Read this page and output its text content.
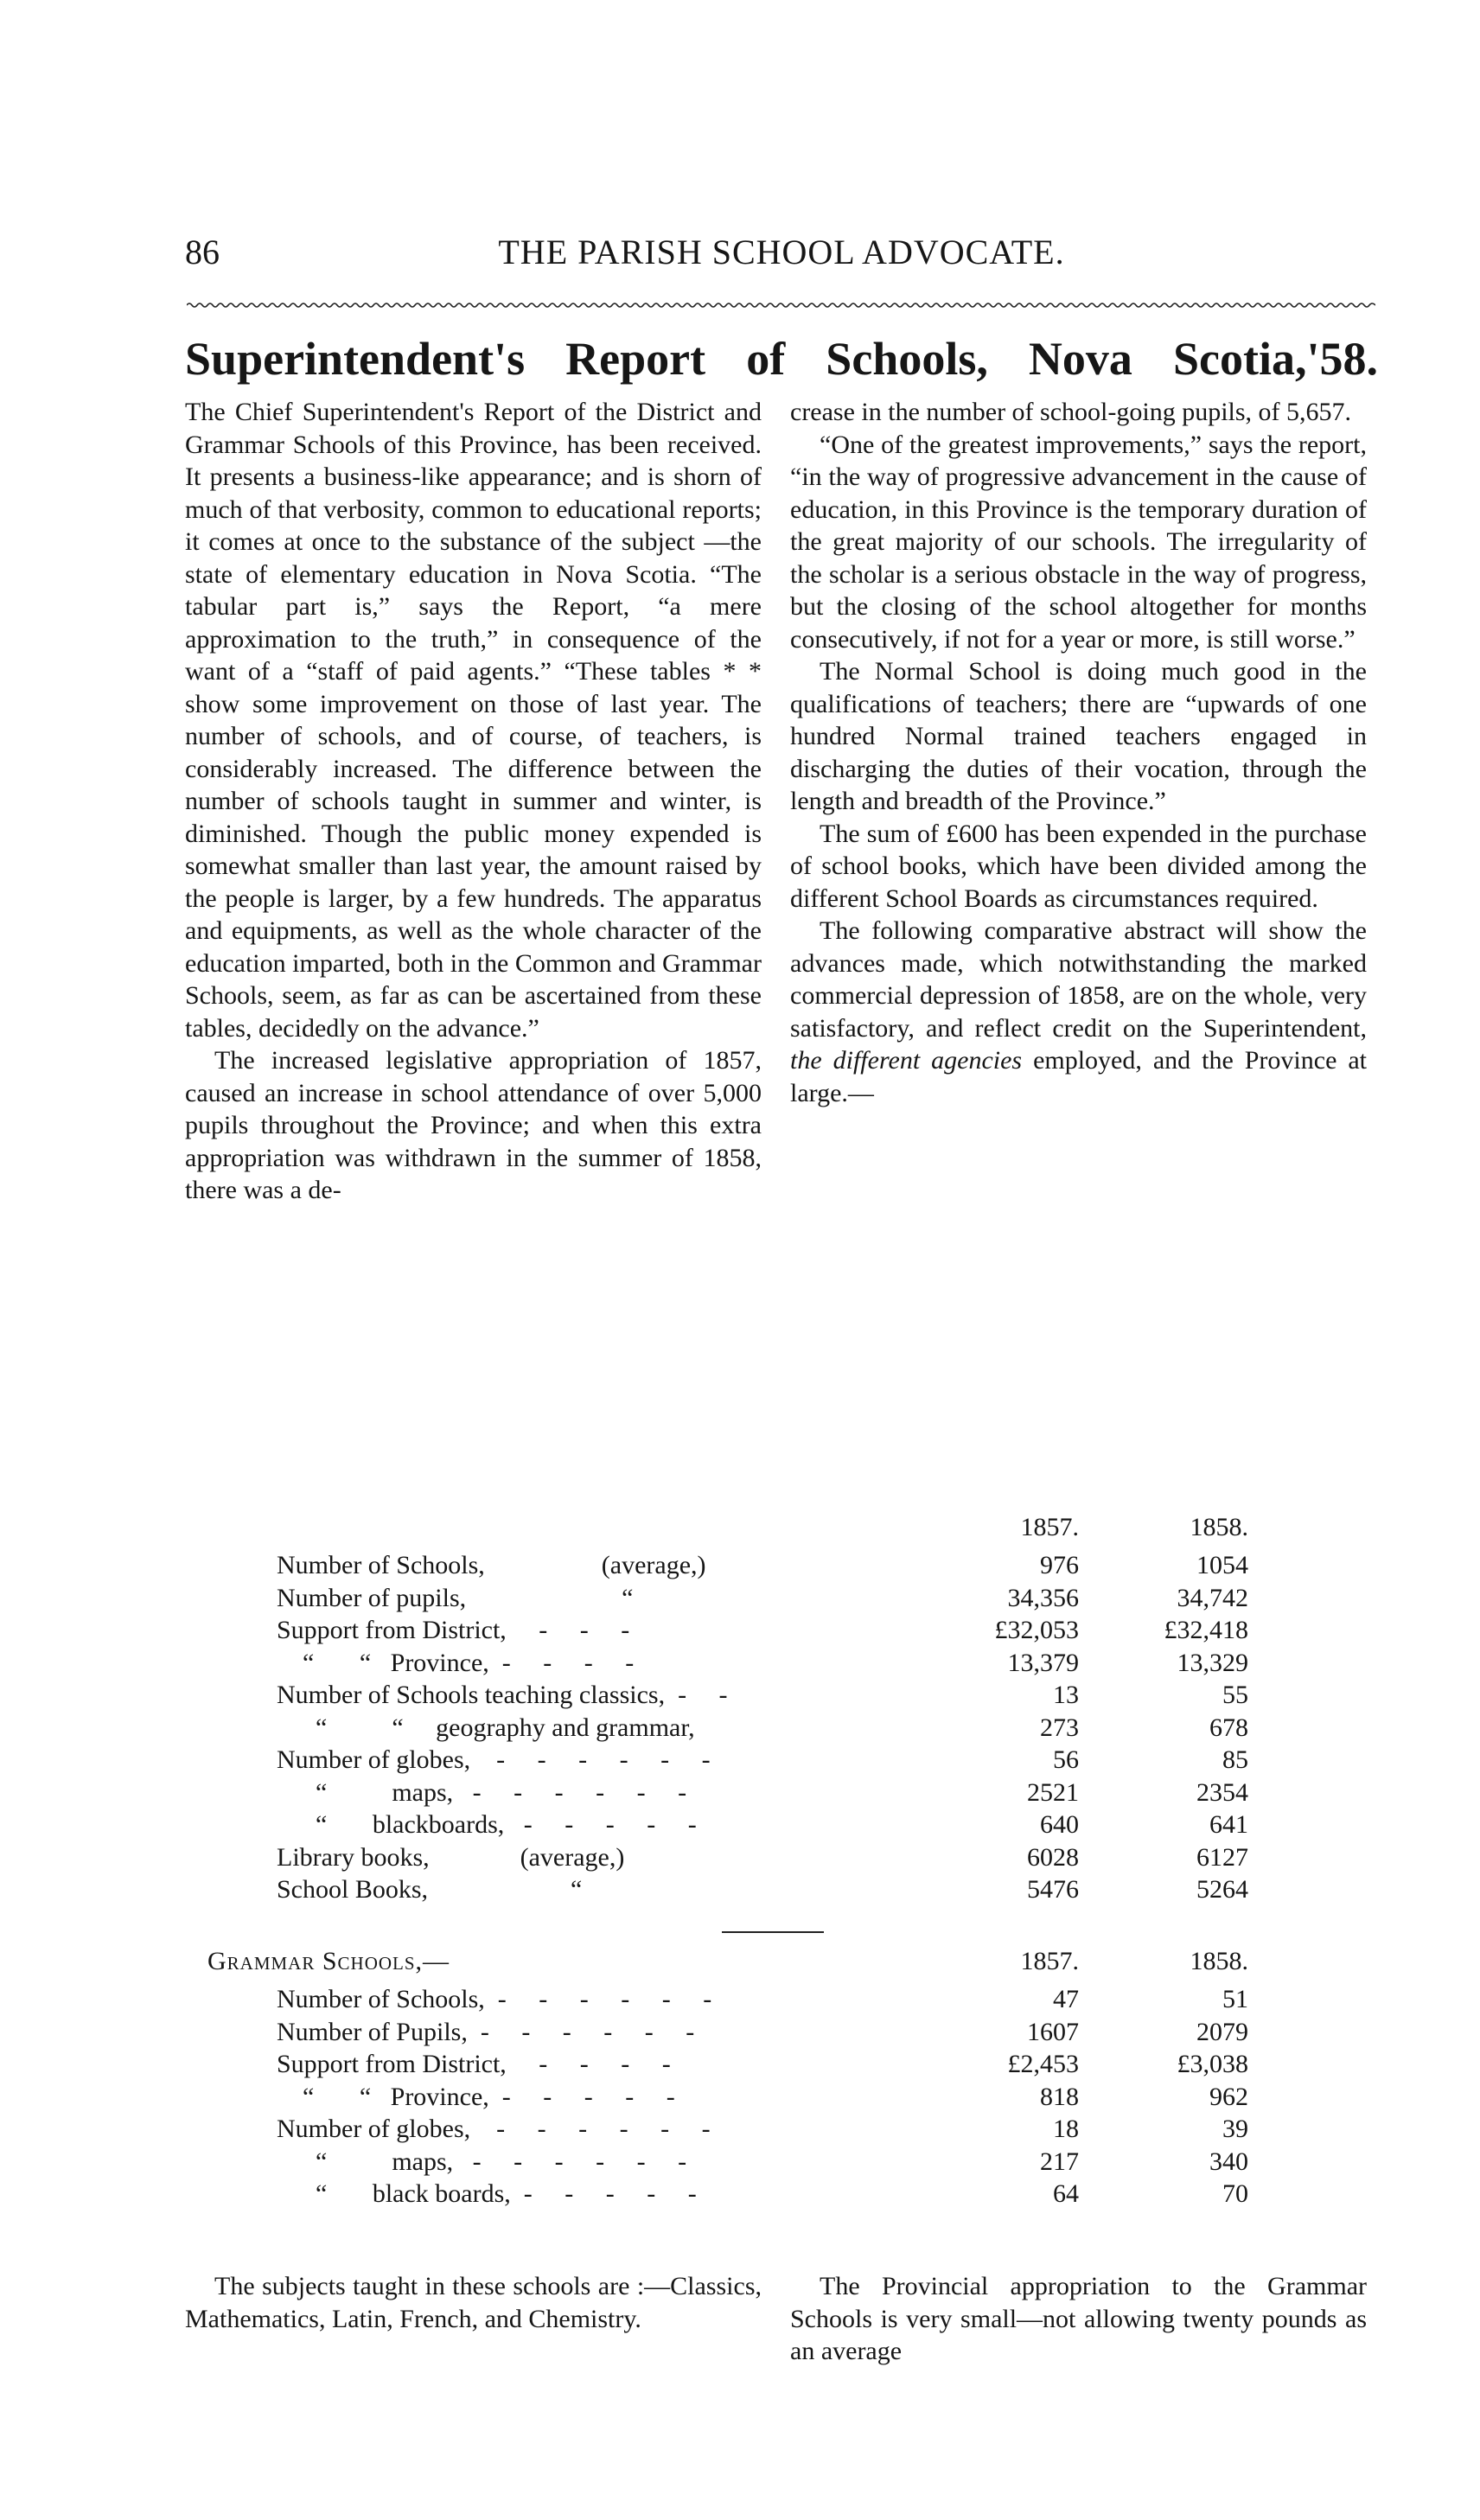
86	THE PARISH SCHOOL ADVOCATE.
Superintendent's Report of Schools, Nova Scotia,'58.

The Chief Superintendent's Report of the District and Grammar Schools of this Province, has been received. It presents a business-like appearance; and is shorn of much of that verbosity, common to educational reports; it comes at once to the substance of the subject —the state of elementary education in Nova Scotia. “The tabular part is,” says the Report, “a mere approximation to the truth,” in consequence of the want of a “staff of paid agents.” “These tables * * show some improvement on those of last year. The number of schools, and of course, of teachers, is considerably increased. The difference between the number of schools taught in summer and winter, is diminished. Though the public money expended is somewhat smaller than last year, the amount raised by the people is larger, by a few hundreds. The apparatus and equipments, as well as the whole character of the education imparted, both in the Common and Grammar Schools, seem, as far as can be ascertained from these tables, decidedly on the advance.”

The increased legislative appropriation of 1857, caused an increase in school attendance of over 5,000 pupils throughout the Province; and when this extra appropriation was withdrawn in the summer of 1858, there was a de-

crease in the number of school-going pupils, of 5,657.

“One of the greatest improvements,” says the report, “in the way of progressive advancement in the cause of education, in this Province is the temporary duration of the great majority of our schools. The irregularity of the scholar is a serious obstacle in the way of progress, but the closing of the school altogether for months consecutively, if not for a year or more, is still worse.”

The Normal School is doing much good in the qualifications of teachers; there are “upwards of one hundred Normal trained teachers engaged in discharging the duties of their vocation, through the length and breadth of the Province.”

The sum of £600 has been expended in the purchase of school books, which have been divided among the different School Boards as circumstances required.

The following comparative abstract will show the advances made, which notwithstanding the marked commercial depression of 1858, are on the whole, very satisfactory, and reflect credit on the Superintendent, the different agencies employed, and the Province at large.—

	1857.	1858.
Number of Schools,                  (average,)	976	1054
Number of pupils,                        “	34,356	34,742
Support from District,     -     -     -	£32,053	£32,418
“       “   Province,  -     -     -     -	13,379	13,329
Number of Schools teaching classics,  -     -	13	55
“          “     geography and grammar,	273	678
Number of globes,    -     -     -     -     -     -	56	85
“          maps,   -     -     -     -     -     -	2521	2354
“       blackboards,   -     -     -     -     -	640	641
Library books,              (average,)	6028	6127
School Books,                      “	5476	5264
Grammar Schools,—	1857.	1858.
Number of Schools,  -     -     -     -     -     -	47	51
Number of Pupils,  -     -     -     -     -     -	1607	2079
Support from District,     -     -     -     -	£2,453	£3,038
“       “   Province,  -     -     -     -     -	818	962
Number of globes,    -     -     -     -     -     -	18	39
“          maps,   -     -     -     -     -     -	217	340
“       black boards,  -     -     -     -     -	64	70

The subjects taught in these schools are :—Classics, Mathematics, Latin, French, and Chemistry.

The Provincial appropriation to the Grammar Schools is very small—not allowing twenty pounds as an average
